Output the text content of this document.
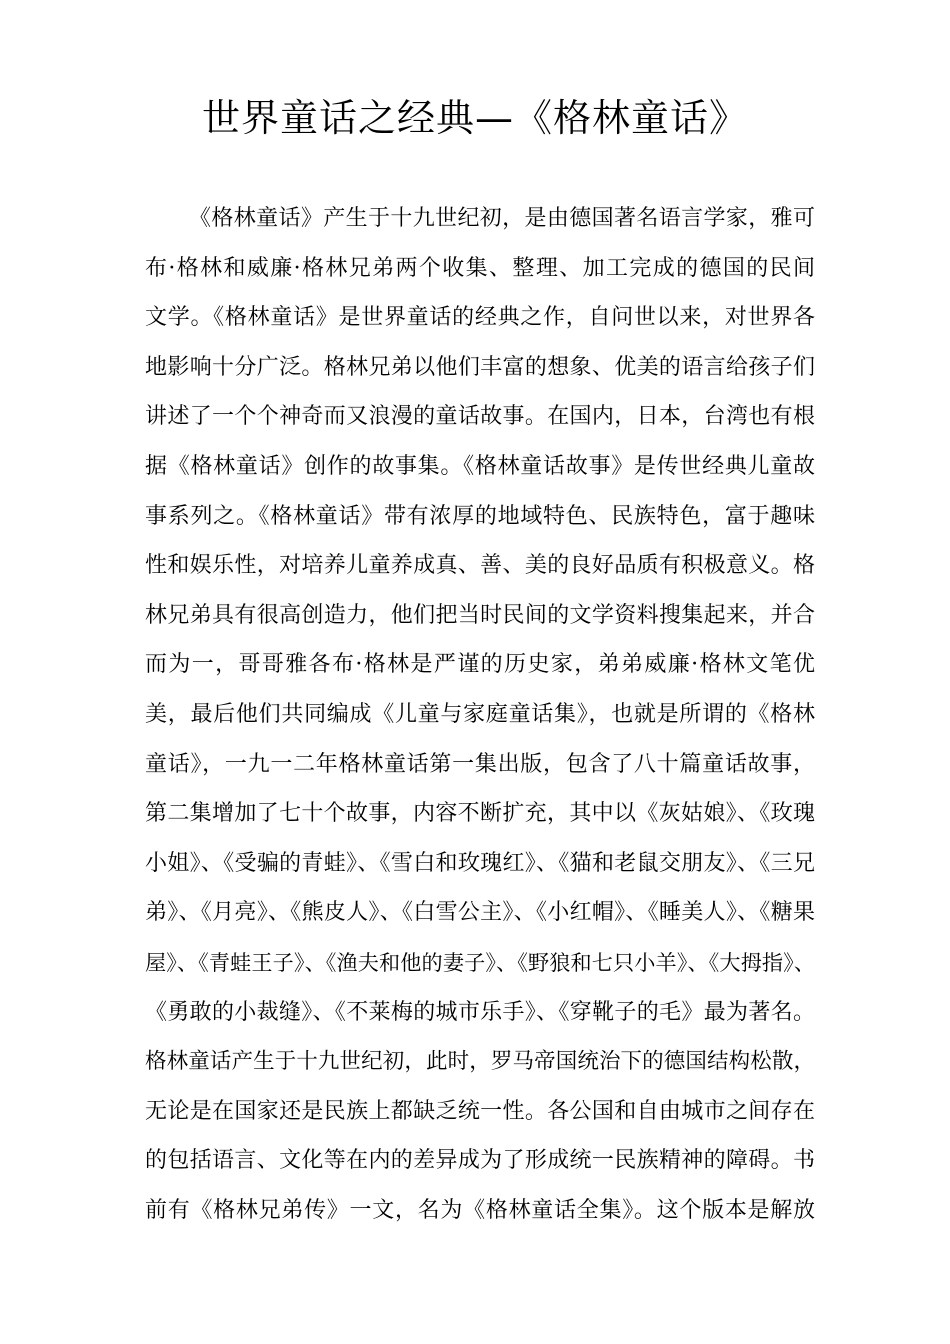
世界童话之经典—《格林童话》
《格林童话》产生于十九世纪初，是由德国著名语言学家，雅可
布·格林和威廉·格林兄弟两个收集、整理、加工完成的德国的民间
文学。《格林童话》是世界童话的经典之作，自问世以来，对世界各
地影响十分广泛。格林兄弟以他们丰富的想象、优美的语言给孩子们
讲述了一个个神奇而又浪漫的童话故事。在国内，日本，台湾也有根
据《格林童话》创作的故事集。《格林童话故事》是传世经典儿童故
事系列之。《格林童话》带有浓厚的地域特色、民族特色，富于趣味
性和娱乐性，对培养儿童养成真、善、美的良好品质有积极意义。格
林兄弟具有很高创造力，他们把当时民间的文学资料搜集起来，并合
而为一，哥哥雅各布·格林是严谨的历史家，弟弟威廉·格林文笔优
美，最后他们共同编成《儿童与家庭童话集》，也就是所谓的《格林
童话》，一九一二年格林童话第一集出版，包含了八十篇童话故事，
第二集增加了七十个故事，内容不断扩充，其中以《灰姑娘》、《玫瑰
小姐》、《受骗的青蛙》、《雪白和玫瑰红》、《猫和老鼠交朋友》、《三兄
弟》、《月亮》、《熊皮人》、《白雪公主》、《小红帽》、《睡美人》、《糖果
屋》、《青蛙王子》、《渔夫和他的妻子》、《野狼和七只小羊》、《大拇指》、
《勇敢的小裁缝》、《不莱梅的城市乐手》、《穿靴子的毛》最为著名。
格林童话产生于十九世纪初，此时，罗马帝国统治下的德国结构松散，
无论是在国家还是民族上都缺乏统一性。各公国和自由城市之间存在
的包括语言、文化等在内的差异成为了形成统一民族精神的障碍。书
前有《格林兄弟传》一文，名为《格林童话全集》。这个版本是解放
